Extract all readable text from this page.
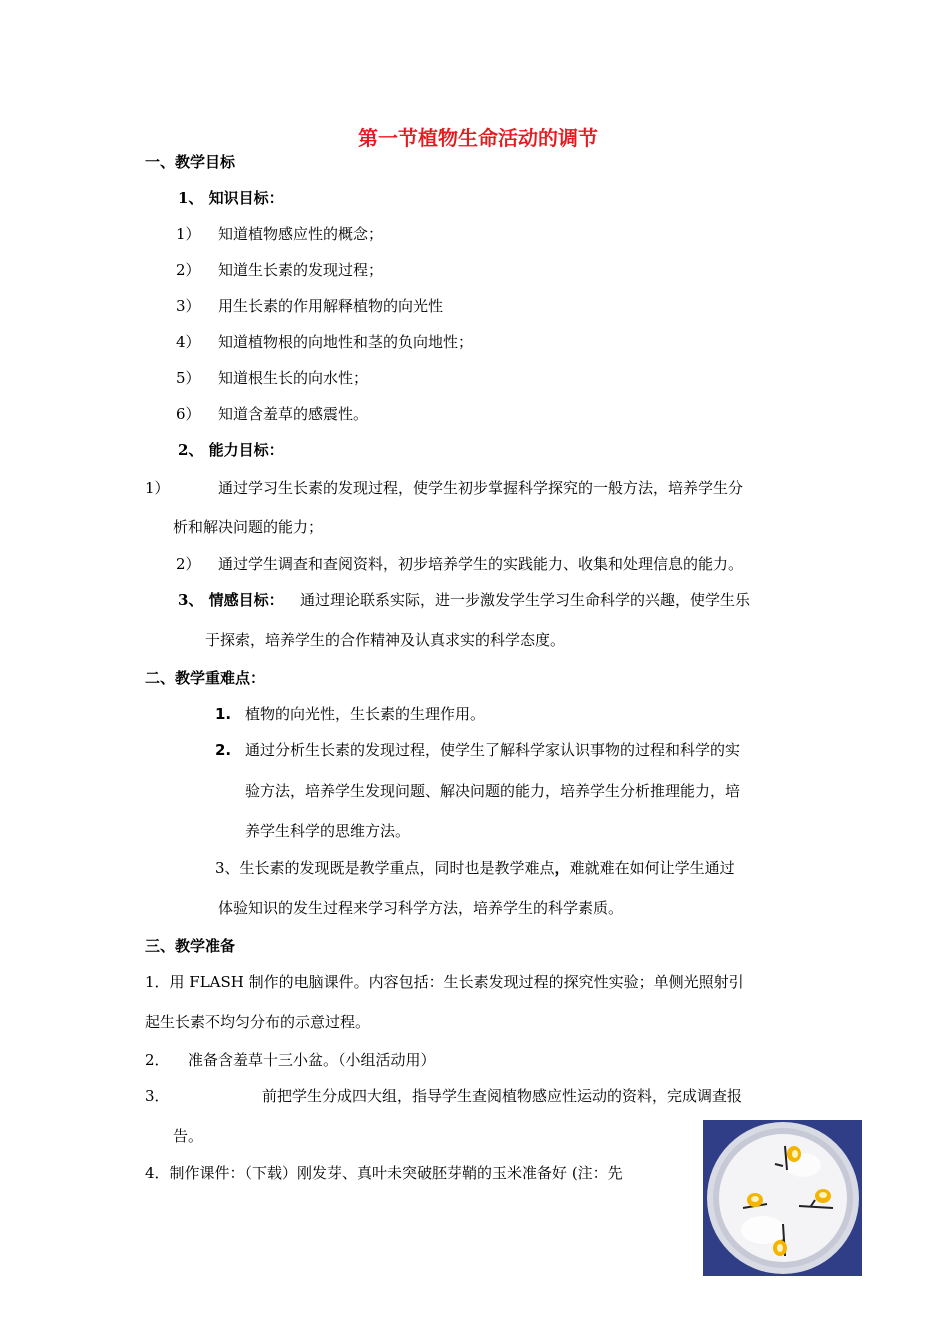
第一节植物生命活动的调节
一、教学目标
1、 知识目标：
1） 知道植物感应性的概念；
2） 知道生长素的发现过程；
3） 用生长素的作用解释植物的向光性
4） 知道植物根的向地性和茎的负向地性；
5） 知道根生长的向水性；
6） 知道含羞草的感震性。
2、 能力目标：
1）	通过学习生长素的发现过程，使学生初步掌握科学探究的一般方法，培养学生分
析和解决问题的能力；
2） 通过学生调查和查阅资料，初步培养学生的实践能力、收集和处理信息的能力。
3、 情感目标： 通过理论联系实际，进一步激发学生学习生命科学的兴趣，使学生乐
于探索，培养学生的合作精神及认真求实的科学态度。
二、教学重难点：
1. 植物的向光性，生长素的生理作用。
2. 通过分析生长素的发现过程，使学生了解科学家认识事物的过程和科学的实
验方法，培养学生发现问题、解决问题的能力，培养学生分析推理能力，培
养学生科学的思维方法。
3、生长素的发现既是教学重点，同时也是教学难点，难就难在如何让学生通过
体验知识的发生过程来学习科学方法，培养学生的科学素质。
三、教学准备
1．用 FLASH 制作的电脑课件。内容包括：生长素发现过程的探究性实验；单侧光照射引
起生长素不均匀分布的示意过程。
2． 准备含羞草十三小盆。（小组活动用）
3．	前把学生分成四大组，指导学生查阅植物感应性运动的资料，完成调查报
告。
4．制作课件：（下载）刚发芽、真叶未突破胚芽鞘的玉米准备好 (注：先
